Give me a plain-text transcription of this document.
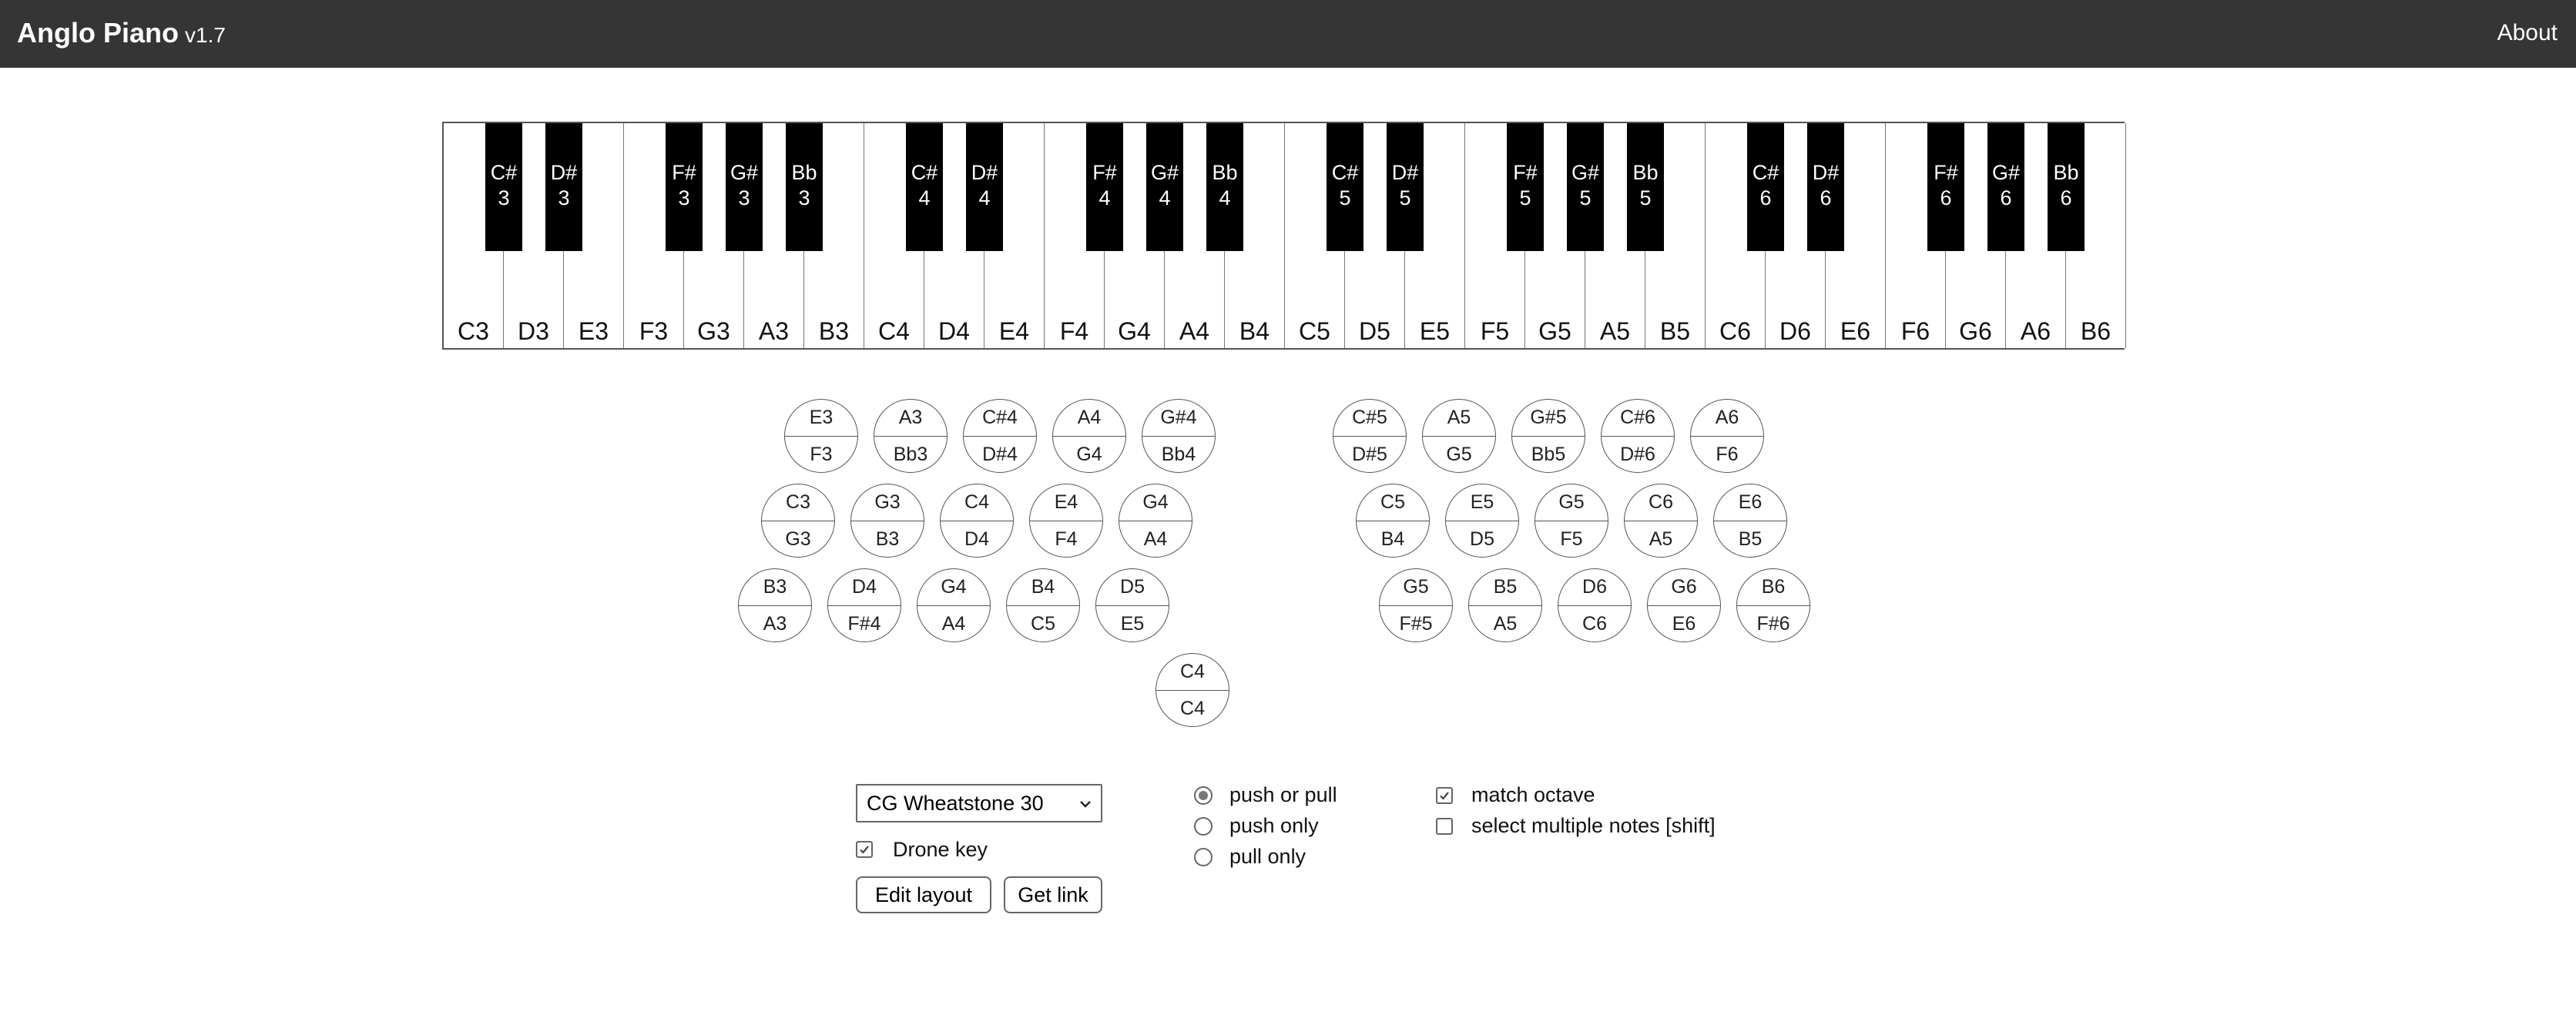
Anglo Piano v1.7	About
C3	D3	E3	F3	G3	A3	B3	C4	D4	E4	F4	G4	A4	B4	C5	D5	E5	F5	G5	A5	B5	C6	D6	E6	F6	G6	A6	B6
C#
3
D#
3
F#
3
G#
3
Bb
3
C#
4
D#
4
F#
4
G#
4
Bb
4
C#
5
D#
5
F#
5
G#
5
Bb
5
C#
6
D#
6
F#
6
G#
6
Bb
6
E3
F3
A3
Bb3
C#4
D#4
A4
G4
G#4
Bb4
C3
G3
G3
B3
C4
D4
E4
F4
G4
A4
B3
A3
D4
F#4
G4
A4
B4
C5
D5
E5
C4
C4
C#5
D#5
A5
G5
G#5
Bb5
C#6
D#6
A6
F6
C5
B4
E5
D5
G5
F5
C6
A5
E6
B5
G5
F#5
B5
A5
D6
C6
G6
E6
B6
F#6
CG Wheatstone 30
Drone key
Edit layout	Get link
push or pull
push only
pull only
match octave
select multiple notes [shift]
